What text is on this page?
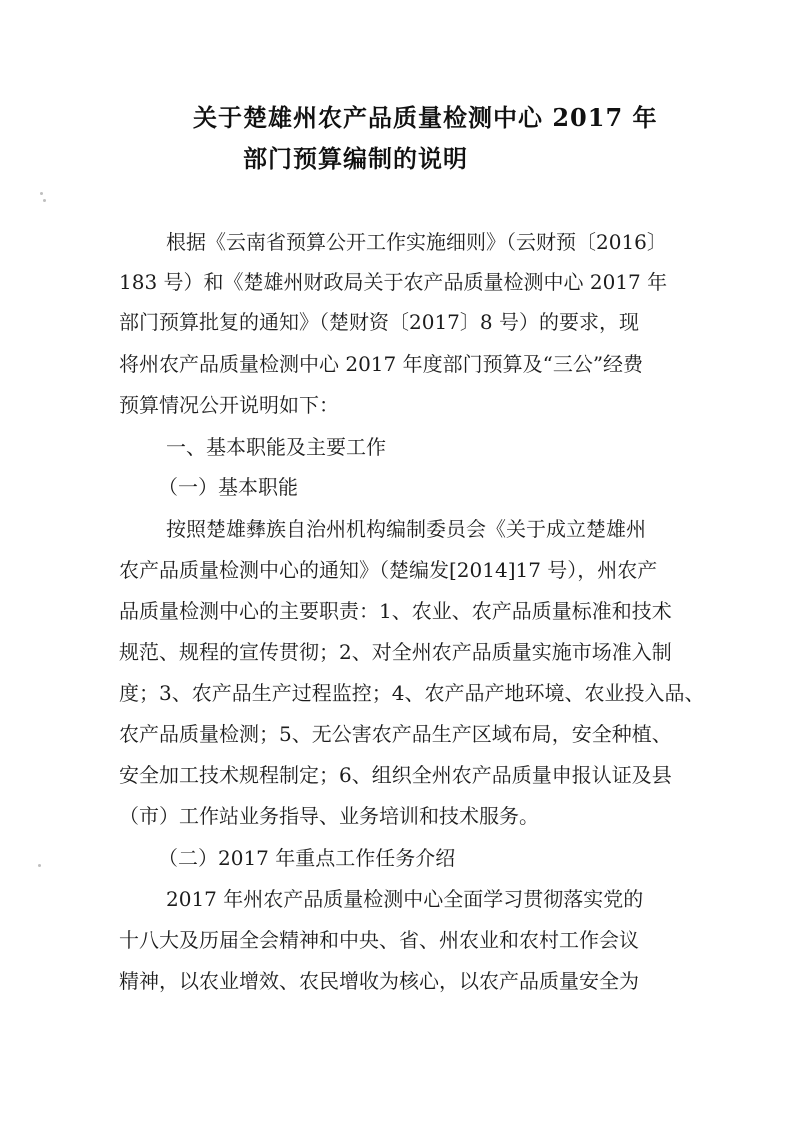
关于楚雄州农产品质量检测中心 2017 年
部门预算编制的说明
根据《云南省预算公开工作实施细则》（云财预〔2016〕
183 号）和《楚雄州财政局关于农产品质量检测中心 2017 年
部门预算批复的通知》（楚财资〔2017〕8 号）的要求，现
将州农产品质量检测中心 2017 年度部门预算及“三公”经费
预算情况公开说明如下：
一、基本职能及主要工作
（一）基本职能
按照楚雄彝族自治州机构编制委员会《关于成立楚雄州
农产品质量检测中心的通知》（楚编发[2014]17 号），州农产
品质量检测中心的主要职责：1、农业、农产品质量标准和技术
规范、规程的宣传贯彻；2、对全州农产品质量实施市场准入制
度；3、农产品生产过程监控；4、农产品产地环境、农业投入品、
农产品质量检测；5、无公害农产品生产区域布局，安全种植、
安全加工技术规程制定；6、组织全州农产品质量申报认证及县
（市）工作站业务指导、业务培训和技术服务。
（二）2017 年重点工作任务介绍
2017 年州农产品质量检测中心全面学习贯彻落实党的
十八大及历届全会精神和中央、省、州农业和农村工作会议
精神，以农业增效、农民增收为核心，以农产品质量安全为
